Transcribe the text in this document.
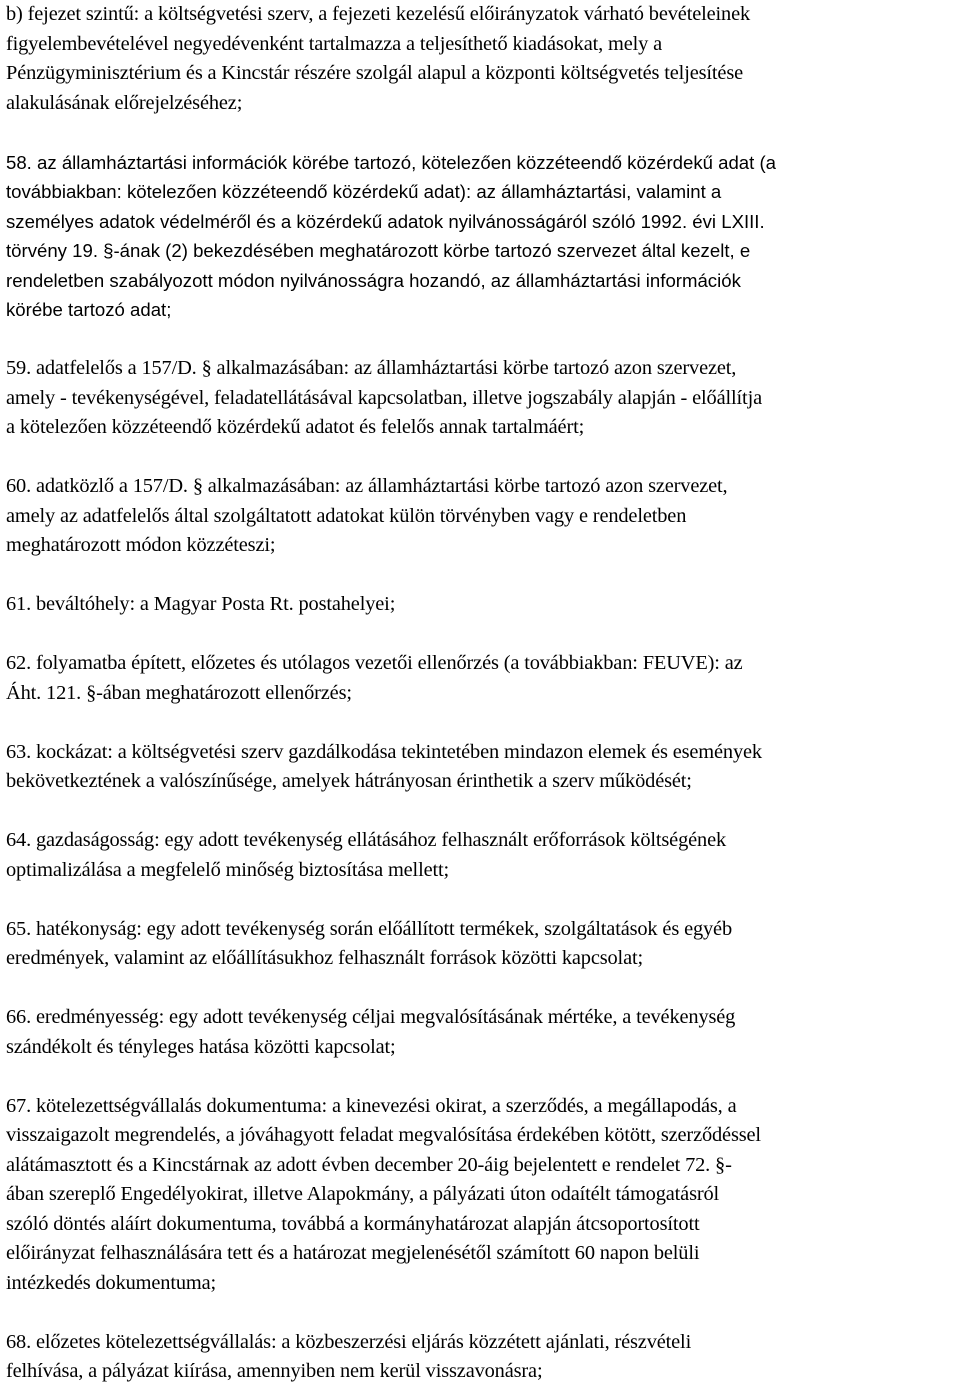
b) fejezet szintű: a költségvetési szerv, a fejezeti kezelésű előirányzatok várható bevételeinek
figyelembevételével negyedévenként tartalmazza a teljesíthető kiadásokat, mely a
Pénzügyminisztérium és a Kincstár részére szolgál alapul a központi költségvetés teljesítése
alakulásának előrejelzéséhez;

58. az államháztartási információk körébe tartozó, kötelezően közzéteendő közérdekű adat (a
továbbiakban: kötelezően közzéteendő közérdekű adat): az államháztartási, valamint a
személyes adatok védelméről és a közérdekű adatok nyilvánosságáról szóló 1992. évi LXIII.
törvény 19. §-ának (2) bekezdésében meghatározott körbe tartozó szervezet által kezelt, e
rendeletben szabályozott módon nyilvánosságra hozandó, az államháztartási információk
körébe tartozó adat;

59. adatfelelős a 157/D. § alkalmazásában: az államháztartási körbe tartozó azon szervezet,
amely - tevékenységével, feladatellátásával kapcsolatban, illetve jogszabály alapján - előállítja
a kötelezően közzéteendő közérdekű adatot és felelős annak tartalmáért;

60. adatközlő a 157/D. § alkalmazásában: az államháztartási körbe tartozó azon szervezet,
amely az adatfelelős által szolgáltatott adatokat külön törvényben vagy e rendeletben
meghatározott módon közzéteszi;

61. beváltóhely: a Magyar Posta Rt. postahelyei;

62. folyamatba épített, előzetes és utólagos vezetői ellenőrzés (a továbbiakban: FEUVE): az
Áht. 121. §-ában meghatározott ellenőrzés;

63. kockázat: a költségvetési szerv gazdálkodása tekintetében mindazon elemek és események
bekövetkeztének a valószínűsége, amelyek hátrányosan érinthetik a szerv működését;

64. gazdaságosság: egy adott tevékenység ellátásához felhasznált erőforrások költségének
optimalizálása a megfelelő minőség biztosítása mellett;

65. hatékonyság: egy adott tevékenység során előállított termékek, szolgáltatások és egyéb
eredmények, valamint az előállításukhoz felhasznált források közötti kapcsolat;

66. eredményesség: egy adott tevékenység céljai megvalósításának mértéke, a tevékenység
szándékolt és tényleges hatása közötti kapcsolat;

67. kötelezettségvállalás dokumentuma: a kinevezési okirat, a szerződés, a megállapodás, a
visszaigazolt megrendelés, a jóváhagyott feladat megvalósítása érdekében kötött, szerződéssel
alátámasztott és a Kincstárnak az adott évben december 20-áig bejelentett e rendelet 72. §-
ában szereplő Engedélyokirat, illetve Alapokmány, a pályázati úton odaítélt támogatásról
szóló döntés aláírt dokumentuma, továbbá a kormányhatározat alapján átcsoportosított
előirányzat felhasználására tett és a határozat megjelenésétől számított 60 napon belüli
intézkedés dokumentuma;

68. előzetes kötelezettségvállalás: a közbeszerzési eljárás közzétett ajánlati, részvételi
felhívása, a pályázat kiírása, amennyiben nem kerül visszavonásra;
